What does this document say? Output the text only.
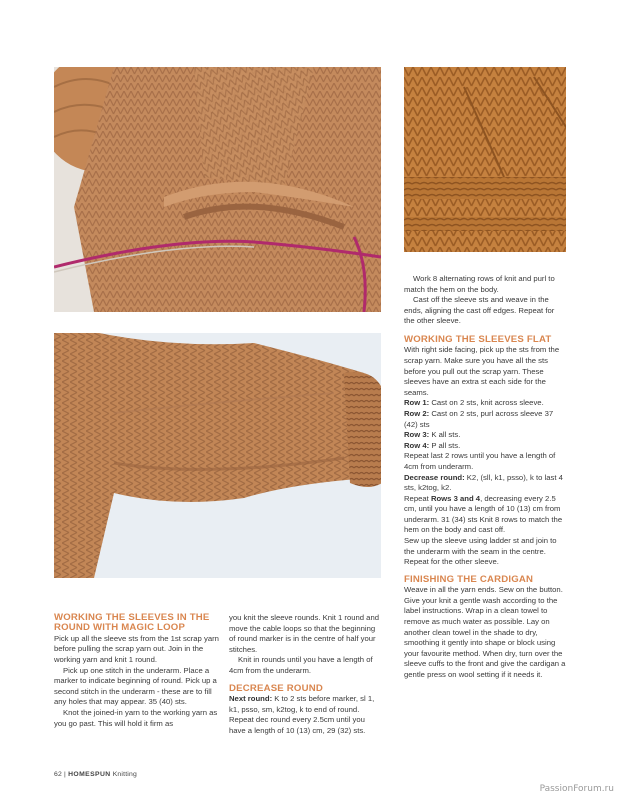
WORKING THE SLEEVES IN THE ROUND WITH MAGIC LOOP

Pick up all the sleeve sts from the 1st scrap yarn before pulling the scrap yarn out. Join in the working yarn and knit 1 round.

Pick up one stitch in the underarm. Place a marker to indicate beginning of round. Pick up a second stitch in the underarm - these are to fill any holes that may appear. 35 (40) sts.

Knot the joined-in yarn to the working yarn as you go past. This will hold it firm as

you knit the sleeve rounds. Knit 1 round and move the cable loops so that the beginning of round marker is in the centre of half your stitches.

Knit in rounds until you have a length of 4cm from the underarm.

DECREASE ROUND

Next round: K to 2 sts before marker, sl 1, k1, psso, sm, k2tog, k to end of round. Repeat dec round every 2.5cm until you have a length of 10 (13) cm, 29 (32) sts.

Work 8 alternating rows of knit and purl to match the hem on the body.

Cast off the sleeve sts and weave in the ends, aligning the cast off edges. Repeat for the other sleeve.

WORKING THE SLEEVES FLAT

With right side facing, pick up the sts from the scrap yarn. Make sure you have all the sts before you pull out the scrap yarn. These sleeves have an extra st each side for the seams.

Row 1: Cast on 2 sts, knit across sleeve.

Row 2: Cast on 2 sts, purl across sleeve 37 (42) sts

Row 3: K all sts.

Row 4: P all sts.

Repeat last 2 rows until you have a length of 4cm from underarm.

Decrease round: K2, (sll, k1, psso), k to last 4 sts, k2tog, k2.

Repeat Rows 3 and 4, decreasing every 2.5 cm, until you have a length of 10 (13) cm from underarm. 31 (34) sts Knit 8 rows to match the hem on the body and cast off.

Sew up the sleeve using ladder st and join to the underarm with the seam in the centre. Repeat for the other sleeve.

FINISHING THE CARDIGAN

Weave in all the yarn ends. Sew on the button. Give your knit a gentle wash according to the label instructions. Wrap in a clean towel to remove as much water as possible. Lay on another clean towel in the shade to dry, smoothing it gently into shape or block using your favourite method. When dry, turn over the sleeve cuffs to the front and give the cardigan a gentle press on wool setting if it needs it.

62 | HOMESPUN Knitting
PassionForum.ru
